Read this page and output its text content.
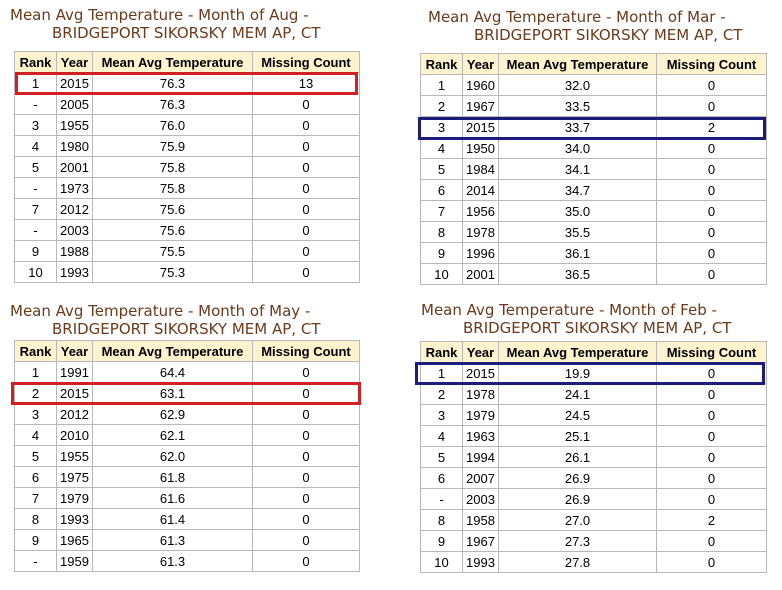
Mean Avg Temperature - Month of Aug -
BRIDGEPORT SIKORSKY MEM AP, CT
Rank	Year	Mean Avg Temperature	Missing Count
1	2015	76.3	13
-	2005	76.3	0
3	1955	76.0	0
4	1980	75.9	0
5	2001	75.8	0
-	1973	75.8	0
7	2012	75.6	0
-	2003	75.6	0
9	1988	75.5	0
10	1993	75.3	0
Mean Avg Temperature - Month of Mar -
BRIDGEPORT SIKORSKY MEM AP, CT
Rank	Year	Mean Avg Temperature	Missing Count
1	1960	32.0	0
2	1967	33.5	0
3	2015	33.7	2
4	1950	34.0	0
5	1984	34.1	0
6	2014	34.7	0
7	1956	35.0	0
8	1978	35.5	0
9	1996	36.1	0
10	2001	36.5	0
Mean Avg Temperature - Month of May -
BRIDGEPORT SIKORSKY MEM AP, CT
Rank	Year	Mean Avg Temperature	Missing Count
1	1991	64.4	0
2	2015	63.1	0
3	2012	62.9	0
4	2010	62.1	0
5	1955	62.0	0
6	1975	61.8	0
7	1979	61.6	0
8	1993	61.4	0
9	1965	61.3	0
-	1959	61.3	0
Mean Avg Temperature - Month of Feb -
BRIDGEPORT SIKORSKY MEM AP, CT
Rank	Year	Mean Avg Temperature	Missing Count
1	2015	19.9	0
2	1978	24.1	0
3	1979	24.5	0
4	1963	25.1	0
5	1994	26.1	0
6	2007	26.9	0
-	2003	26.9	0
8	1958	27.0	2
9	1967	27.3	0
10	1993	27.8	0
